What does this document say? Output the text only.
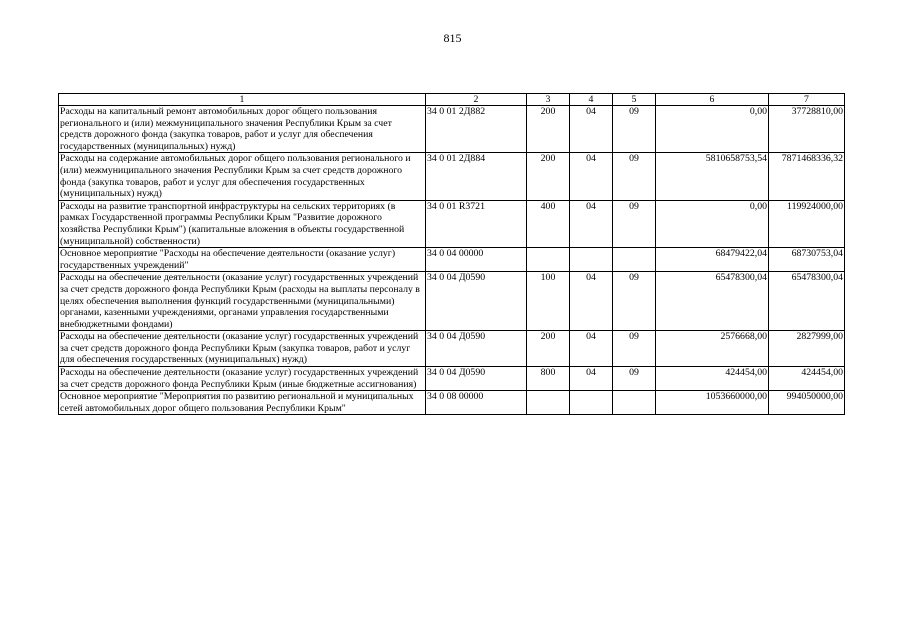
815
1	2	3	4	5	6	7
Расходы на капитальный ремонт автомобильных дорог общего пользования регионального и (или) межмуниципального значения Республики Крым за счет средств дорожного фонда (закупка товаров, работ и услуг для обеспечения государственных (муниципальных) нужд)	34 0 01 2Д882	200	04	09	0,00	37728810,00
Расходы на содержание автомобильных дорог общего пользования регионального и (или) межмуниципального значения Республики Крым за счет средств дорожного фонда (закупка товаров, работ и услуг для обеспечения государственных (муниципальных) нужд)	34 0 01 2Д884	200	04	09	5810658753,54	7871468336,32
Расходы на развитие транспортной инфраструктуры на сельских территориях (в рамках Государственной программы Республики Крым "Развитие дорожного хозяйства Республики Крым") (капитальные вложения в объекты государственной (муниципальной) собственности)	34 0 01 R3721	400	04	09	0,00	119924000,00
Основное мероприятие "Расходы на обеспечение деятельности (оказание услуг) государственных учреждений"	34 0 04 00000				68479422,04	68730753,04
Расходы на обеспечение деятельности (оказание услуг) государственных учреждений за счет средств дорожного фонда Республики Крым (расходы на выплаты персоналу в целях обеспечения выполнения функций государственными (муниципальными) органами, казенными учреждениями, органами управления государственными внебюджетными фондами)	34 0 04 Д0590	100	04	09	65478300,04	65478300,04
Расходы на обеспечение деятельности (оказание услуг) государственных учреждений за счет средств дорожного фонда Республики Крым (закупка товаров, работ и услуг для обеспечения государственных (муниципальных) нужд)	34 0 04 Д0590	200	04	09	2576668,00	2827999,00
Расходы на обеспечение деятельности (оказание услуг) государственных учреждений за счет средств дорожного фонда Республики Крым (иные бюджетные ассигнования)	34 0 04 Д0590	800	04	09	424454,00	424454,00
Основное мероприятие "Мероприятия по развитию региональной и муниципальных сетей автомобильных дорог общего пользования Республики Крым"	34 0 08 00000				1053660000,00	994050000,00
